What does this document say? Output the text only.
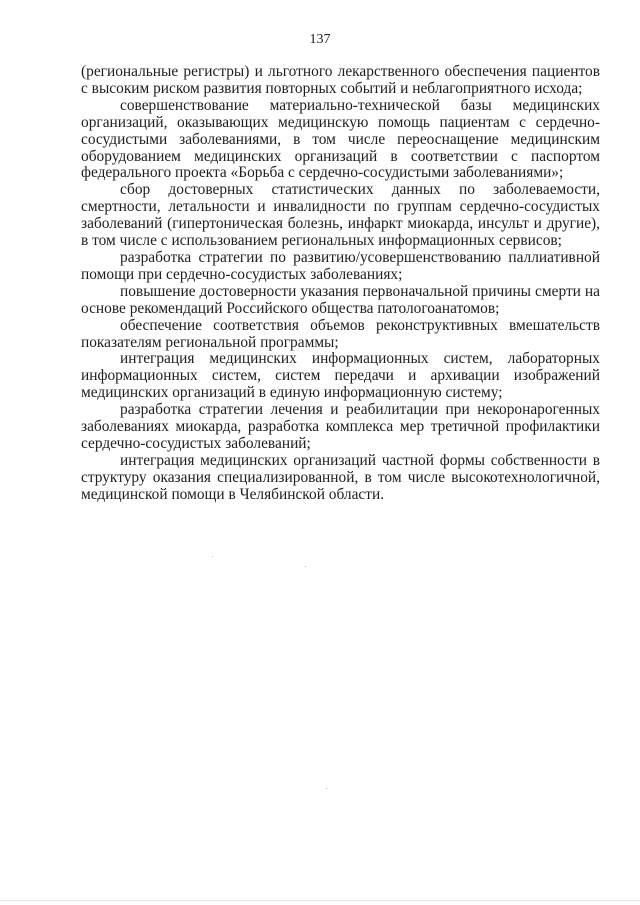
137

(региональные регистры) и льготного лекарственного обеспечения пациентов с высоким риском развития повторных событий и неблагоприятного исхода;

совершенствование материально-технической базы медицинских организаций, оказывающих медицинскую помощь пациентам с сердечно-сосудистыми заболеваниями, в том числе переоснащение медицинским оборудованием медицинских организаций в соответствии с паспортом федерального проекта «Борьба с сердечно-сосудистыми заболеваниями»;

сбор достоверных статистических данных по заболеваемости, смертности, летальности и инвалидности по группам сердечно-сосудистых заболеваний (гипертоническая болезнь, инфаркт миокарда, инсульт и другие), в том числе с использованием региональных информационных сервисов;

разработка стратегии по развитию/усовершенствованию паллиативной помощи при сердечно-сосудистых заболеваниях;

повышение достоверности указания первоначальной причины смерти на основе рекомендаций Российского общества патологоанатомов;

обеспечение соответствия объемов реконструктивных вмешательств показателям региональной программы;

интеграция медицинских информационных систем, лабораторных информационных систем, систем передачи и архивации изображений медицинских организаций в единую информационную систему;

разработка стратегии лечения и реабилитации при некоронарогенных заболеваниях миокарда, разработка комплекса мер третичной профилактики сердечно-сосудистых заболеваний;

интеграция медицинских организаций частной формы собственности в структуру оказания специализированной, в том числе высокотехнологичной, медицинской помощи в Челябинской области.
